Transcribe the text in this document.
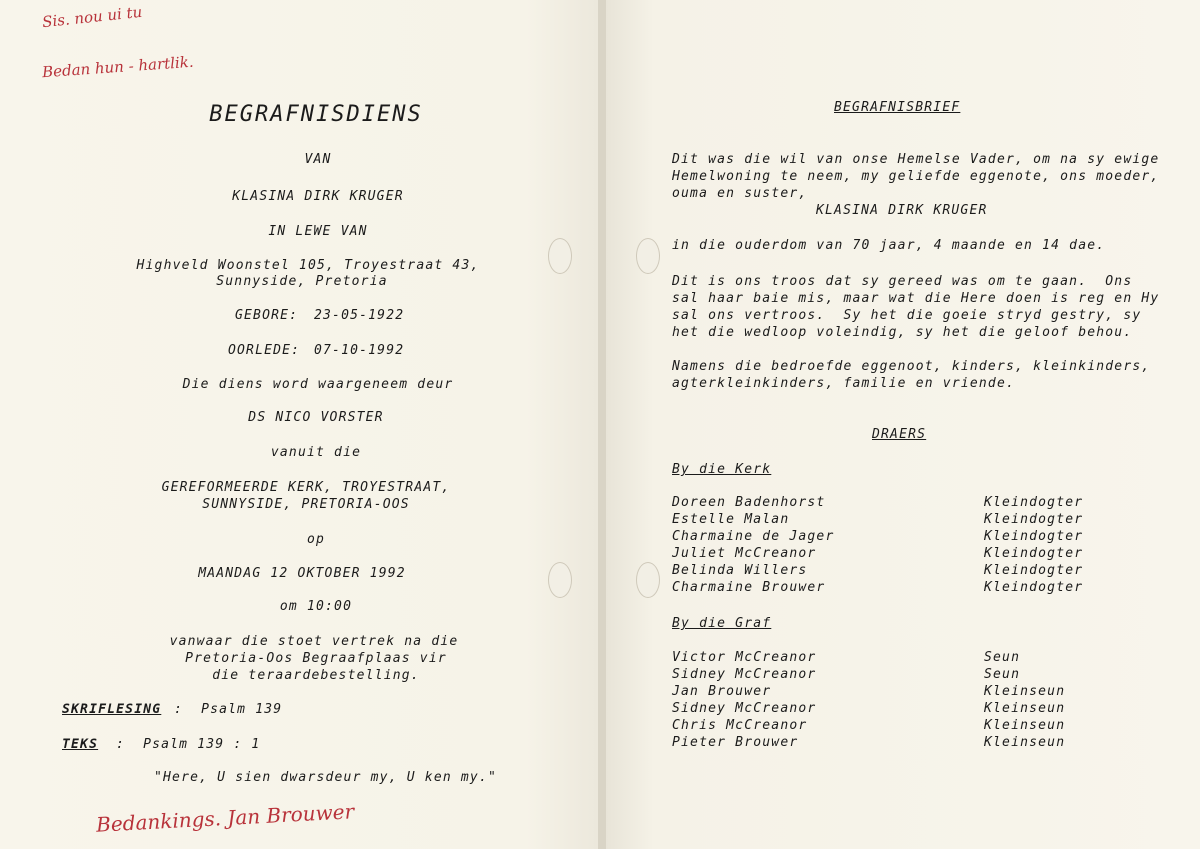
Sis. nou ui tu
Bedan hun - hartlik.
BEGRAFNISDIENS
VAN
KLASINA DIRK KRUGER
IN LEWE VAN
Highveld Woonstel 105, Troyestraat 43,
Sunnyside, Pretoria
GEBORE: 23-05-1922
OORLEDE: 07-10-1992
Die diens word waargeneem deur
DS NICO VORSTER
vanuit die
GEREFORMEERDE KERK, TROYESTRAAT,
SUNNYSIDE, PRETORIA-OOS
op
MAANDAG 12 OKTOBER 1992
om 10:00
vanwaar die stoet vertrek na die
Pretoria-Oos Begraafplaas vir
die teraardebestelling.
SKRIFLESING :  Psalm 139
TEKS :  Psalm 139 : 1
"Here, U sien dwarsdeur my, U ken my."
Bedankings. Jan Brouwer
BEGRAFNISBRIEF
Dit was die wil van onse Hemelse Vader, om na sy ewige
Hemelwoning te neem, my geliefde eggenote, ons moeder,
ouma en suster,
KLASINA DIRK KRUGER
in die ouderdom van 70 jaar, 4 maande en 14 dae.
Dit is ons troos dat sy gereed was om te gaan.  Ons
sal haar baie mis, maar wat die Here doen is reg en Hy
sal ons vertroos.  Sy het die goeie stryd gestry, sy
het die wedloop voleindig, sy het die geloof behou.
Namens die bedroefde eggenoot, kinders, kleinkinders,
agterkleinkinders, familie en vriende.
DRAERS
By die Kerk
Doreen Badenhorst	Kleindogter
Estelle Malan	Kleindogter
Charmaine de Jager	Kleindogter
Juliet McCreanor	Kleindogter
Belinda Willers	Kleindogter
Charmaine Brouwer	Kleindogter
By die Graf
Victor McCreanor	Seun
Sidney McCreanor	Seun
Jan Brouwer	Kleinseun
Sidney McCreanor	Kleinseun
Chris McCreanor	Kleinseun
Pieter Brouwer	Kleinseun
